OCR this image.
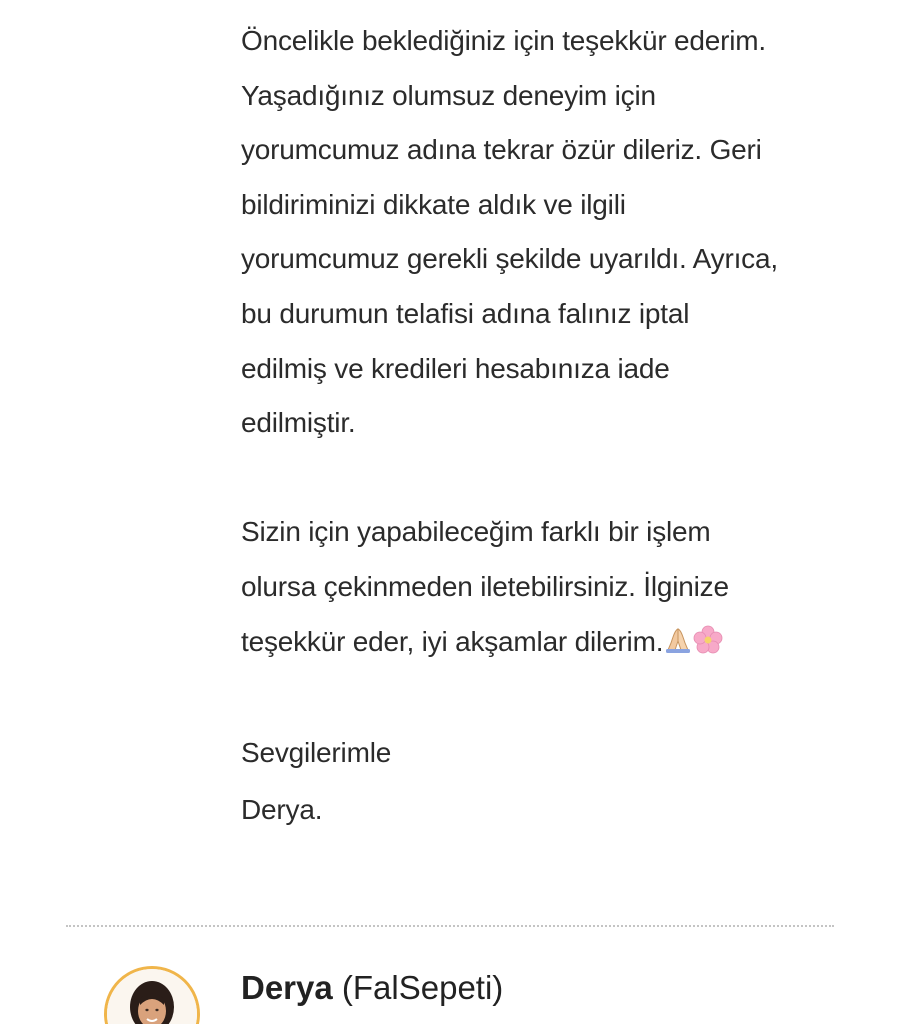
Öncelikle beklediğiniz için teşekkür ederim.
Yaşadığınız olumsuz deneyim için
yorumcumuz adına tekrar özür dileriz. Geri
bildiriminizi dikkate aldık ve ilgili
yorumcumuz gerekli şekilde uyarıldı. Ayrıca,
bu durumun telafisi adına falınız iptal
edilmiş ve kredileri hesabınıza iade
edilmiştir.

Sizin için yapabileceğim farklı bir işlem
olursa çekinmeden iletebilirsiniz. İlginize
teşekkür eder, iyi akşamlar dilerim.

Sevgilerimle

Derya.

Derya (FalSepeti)
